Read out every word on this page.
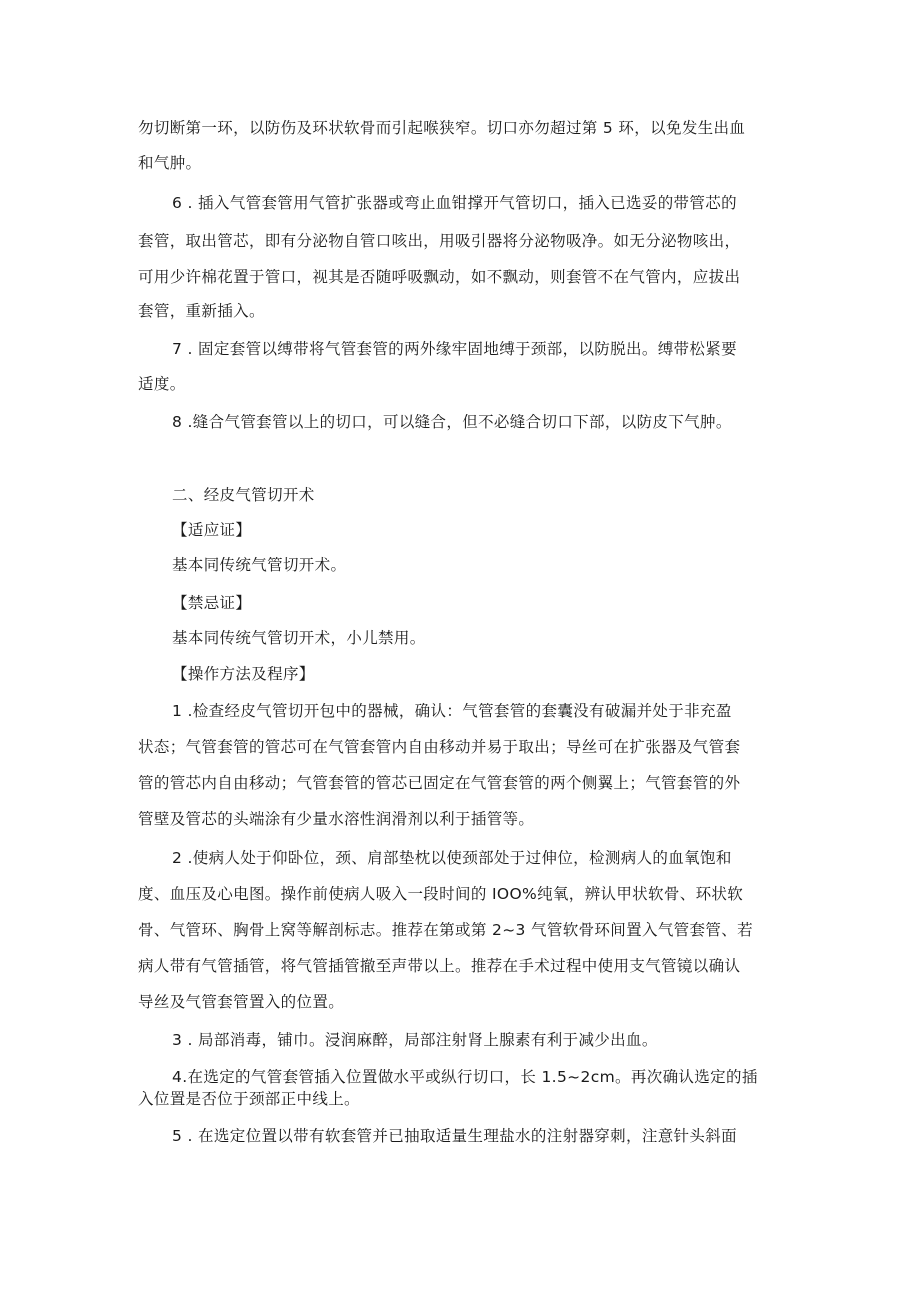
勿切断第一环，以防伤及环状软骨而引起喉狭窄。切口亦勿超过第 5 环，以免发生出血
和气肿。
6 . 插入气管套管用气管扩张器或弯止血钳撑开气管切口，插入已选妥的带管芯的
套管，取出管芯，即有分泌物自管口咳出，用吸引器将分泌物吸净。如无分泌物咳出，
可用少许棉花置于管口，视其是否随呼吸飘动，如不飘动，则套管不在气管内，应拔出
套管，重新插入。
7 . 固定套管以缚带将气管套管的两外缘牢固地缚于颈部，以防脱出。缚带松紧要
适度。
8 .缝合气管套管以上的切口，可以缝合，但不必缝合切口下部，以防皮下气肿。
二、经皮气管切开术
【适应证】
基本同传统气管切开术。
【禁忌证】
基本同传统气管切开术，小儿禁用。
【操作方法及程序】
1 .检查经皮气管切开包中的器械，确认：气管套管的套囊没有破漏并处于非充盈
状态；气管套管的管芯可在气管套管内自由移动并易于取出；导丝可在扩张器及气管套
管的管芯内自由移动；气管套管的管芯已固定在气管套管的两个侧翼上；气管套管的外
管壁及管芯的头端涂有少量水溶性润滑剂以利于插管等。
2 .使病人处于仰卧位，颈、肩部垫枕以使颈部处于过伸位，检测病人的血氧饱和
度、血压及心电图。操作前使病人吸入一段时间的 IOO%纯氧，辨认甲状软骨、环状软
骨、气管环、胸骨上窝等解剖标志。推荐在第或第 2~3 气管软骨环间置入气管套管、若
病人带有气管插管，将气管插管撤至声带以上。推荐在手术过程中使用支气管镜以确认
导丝及气管套管置入的位置。
3 . 局部消毒，铺巾。浸润麻醉，局部注射肾上腺素有利于减少出血。
4.在选定的气管套管插入位置做水平或纵行切口，长 1.5~2cm。再次确认选定的插
入位置是否位于颈部正中线上。
5 . 在选定位置以带有软套管并已抽取适量生理盐水的注射器穿刺，注意针头斜面
